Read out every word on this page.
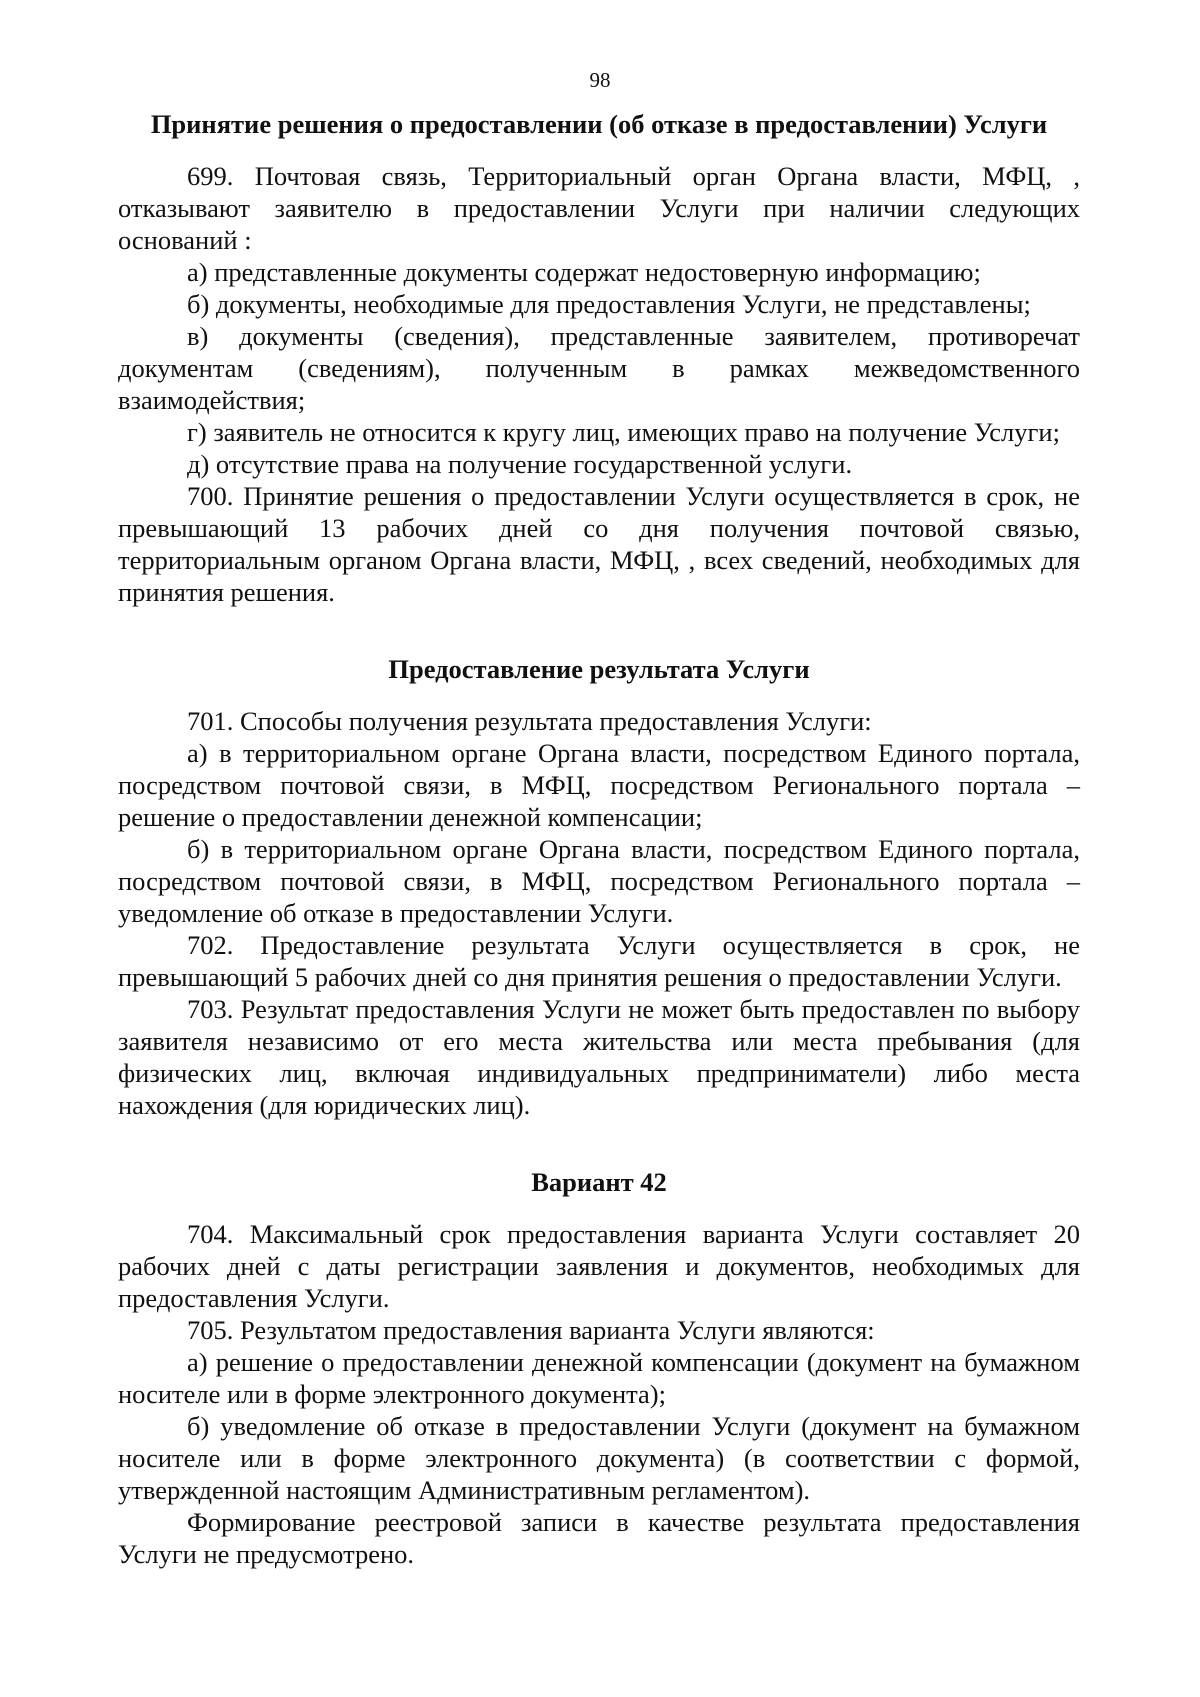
98

Принятие решения о предоставлении (об отказе в предоставлении) Услуги

699. Почтовая связь, Территориальный орган Органа власти, МФЦ, , отказывают заявителю в предоставлении Услуги при наличии следующих оснований :

а) представленные документы содержат недостоверную информацию;

б) документы, необходимые для предоставления Услуги, не представлены;

в) документы (сведения), представленные заявителем, противоречат документам (сведениям), полученным в рамках межведомственного взаимодействия;

г) заявитель не относится к кругу лиц, имеющих право на получение Услуги;

д) отсутствие права на получение государственной услуги.

700. Принятие решения о предоставлении Услуги осуществляется в срок, не превышающий 13 рабочих дней со дня получения почтовой связью, территориальным органом Органа власти, МФЦ, , всех сведений, необходимых для принятия решения.

Предоставление результата Услуги

701. Способы получения результата предоставления Услуги:

а) в территориальном органе Органа власти, посредством Единого портала, посредством почтовой связи, в МФЦ, посредством Регионального портала – решение о предоставлении денежной компенсации;

б) в территориальном органе Органа власти, посредством Единого портала, посредством почтовой связи, в МФЦ, посредством Регионального портала – уведомление об отказе в предоставлении Услуги.

702. Предоставление результата Услуги осуществляется в срок, не превышающий 5 рабочих дней со дня принятия решения о предоставлении Услуги.

703. Результат предоставления Услуги не может быть предоставлен по выбору заявителя независимо от его места жительства или места пребывания (для физических лиц, включая индивидуальных предприниматели) либо места нахождения (для юридических лиц).

Вариант 42

704. Максимальный срок предоставления варианта Услуги составляет 20 рабочих дней с даты регистрации заявления и документов, необходимых для предоставления Услуги.

705. Результатом предоставления варианта Услуги являются:

а) решение о предоставлении денежной компенсации (документ на бумажном носителе или в форме электронного документа);

б) уведомление об отказе в предоставлении Услуги (документ на бумажном носителе или в форме электронного документа) (в соответствии с формой, утвержденной настоящим Административным регламентом).

Формирование реестровой записи в качестве результата предоставления Услуги не предусмотрено.
